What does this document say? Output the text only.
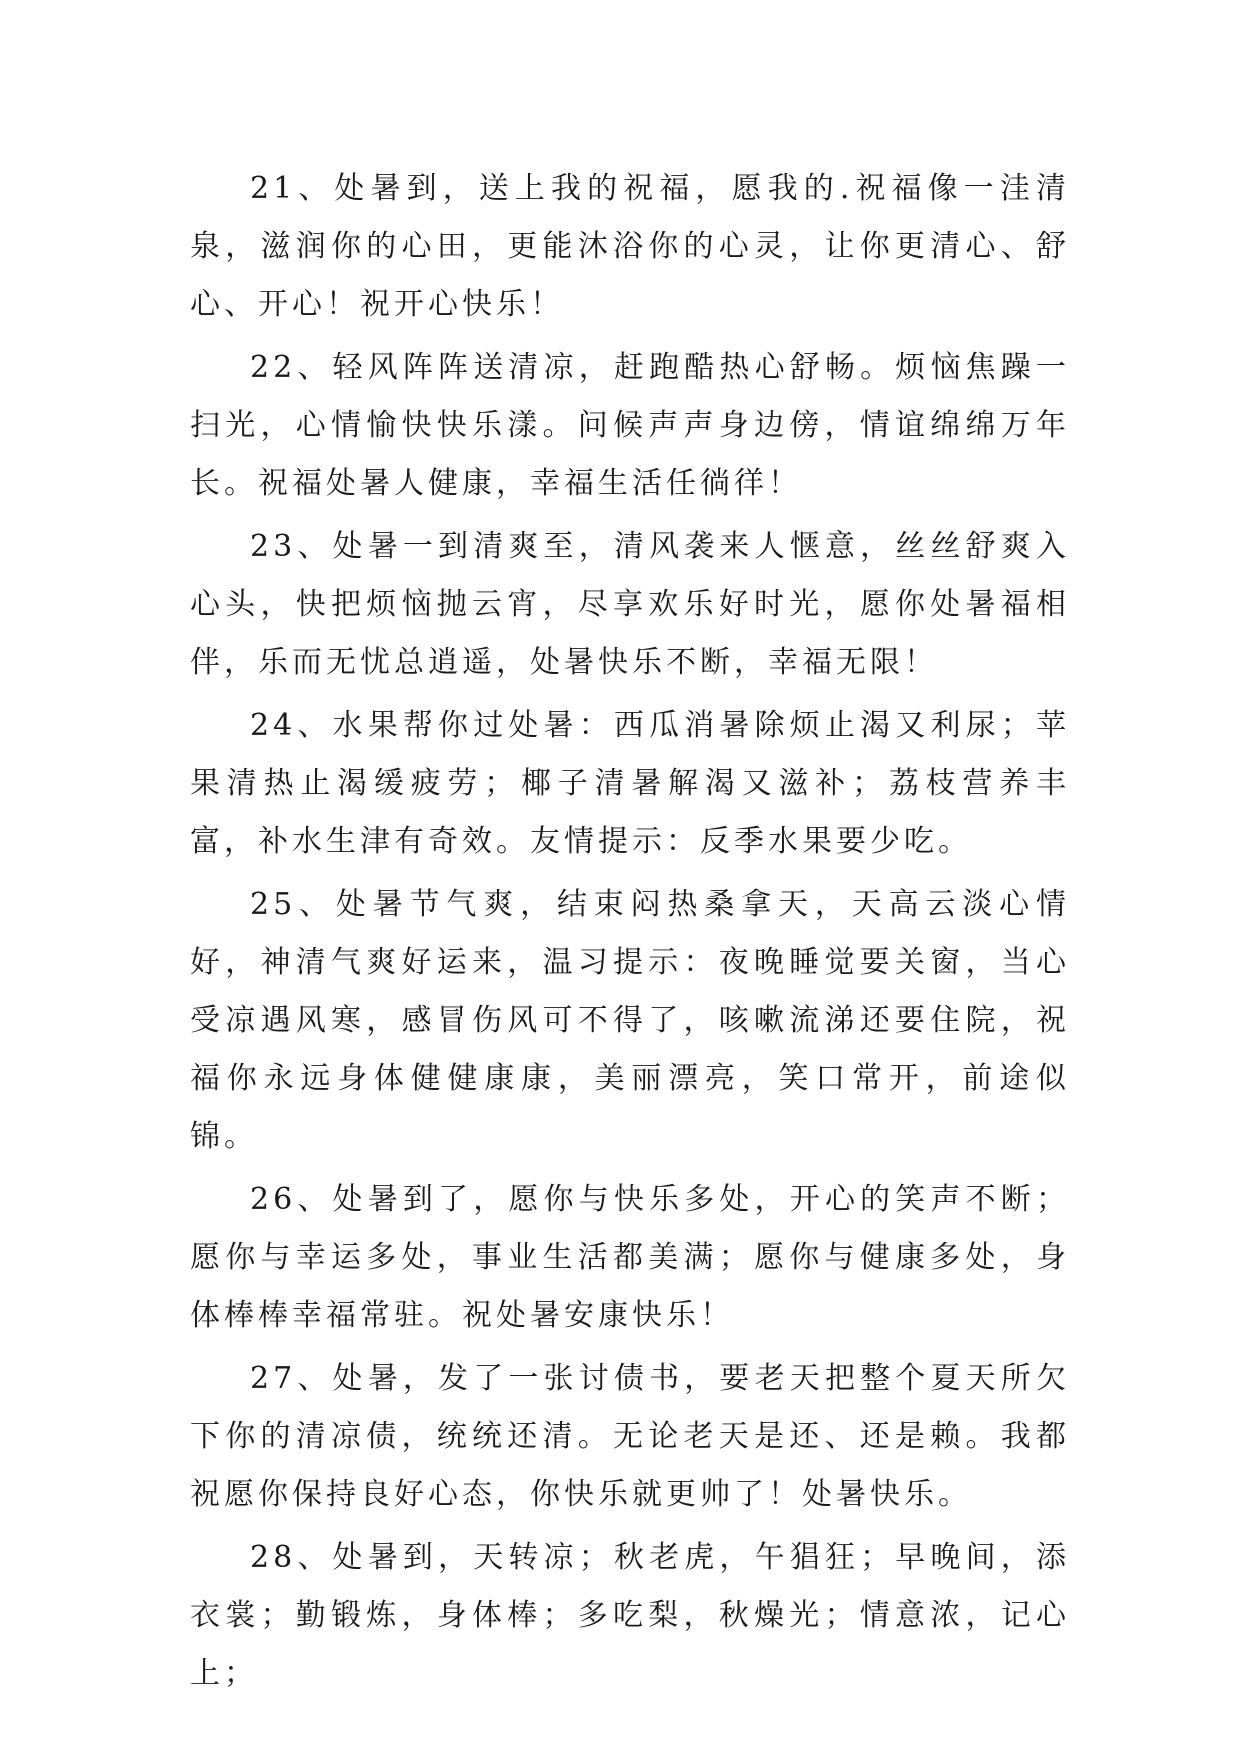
21、处暑到，送上我的祝福，愿我的.祝福像一洼清泉，滋润你的心田，更能沐浴你的心灵，让你更清心、舒心、开心！祝开心快乐！

22、轻风阵阵送清凉，赶跑酷热心舒畅。烦恼焦躁一扫光，心情愉快快乐漾。问候声声身边傍，情谊绵绵万年长。祝福处暑人健康，幸福生活任徜徉！

23、处暑一到清爽至，清风袭来人惬意，丝丝舒爽入心头，快把烦恼抛云宵，尽享欢乐好时光，愿你处暑福相伴，乐而无忧总逍遥，处暑快乐不断，幸福无限！

24、水果帮你过处暑：西瓜消暑除烦止渴又利尿；苹果清热止渴缓疲劳；椰子清暑解渴又滋补；荔枝营养丰富，补水生津有奇效。友情提示：反季水果要少吃。

25、处暑节气爽，结束闷热桑拿天，天高云淡心情好，神清气爽好运来，温习提示：夜晚睡觉要关窗，当心受凉遇风寒，感冒伤风可不得了，咳嗽流涕还要住院，祝福你永远身体健健康康，美丽漂亮，笑口常开，前途似锦。

26、处暑到了，愿你与快乐多处，开心的笑声不断；愿你与幸运多处，事业生活都美满；愿你与健康多处，身体棒棒幸福常驻。祝处暑安康快乐！

27、处暑，发了一张讨债书，要老天把整个夏天所欠下你的清凉债，统统还清。无论老天是还、还是赖。我都祝愿你保持良好心态，你快乐就更帅了！处暑快乐。

28、处暑到，天转凉；秋老虎，午猖狂；早晚间，添衣裳；勤锻炼，身体棒；多吃梨，秋燥光；情意浓，记心上；
